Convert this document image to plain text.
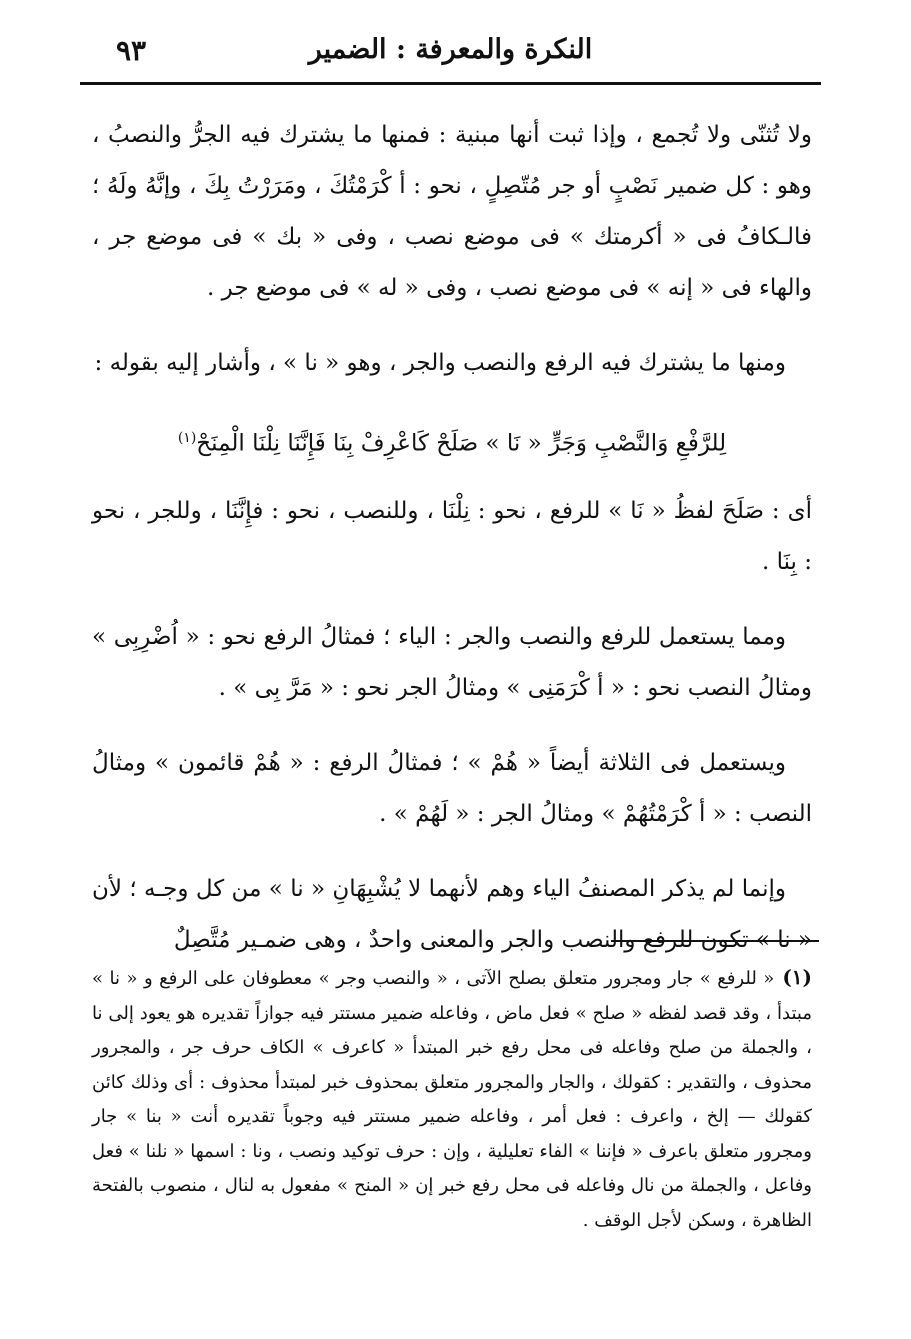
النكرة والمعرفة : الضمير
٩٣

ولا تُثنّى ولا تُجمع ، وإذا ثبت أنها مبنية : فمنها ما يشترك فيه الجرُّ والنصبُ ، وهو : كل ضمير نَصْبٍ أو جر مُتّصِلٍ ، نحو : أ كْرَمْتُكَ ، ومَرَرْتُ بِكَ ، وإنَّهُ ولَهُ ؛ فالـكافُ فى « أكرمتك » فى موضع نصب ، وفى « بك » فى موضع جر ، والهاء فى « إنه » فى موضع نصب ، وفى « له » فى موضع جر .

ومنها ما يشترك فيه الرفع والنصب والجر ، وهو « نا » ، وأشار إليه بقوله :

لِلرَّفْعِ وَالنَّصْبِ وَجَرٍّ « نَا » صَلَحْ كَاعْرِفْ بِنَا فَإِنَّنَا نِلْنَا الْمِنَحْ$^{(١)}$

أى : صَلَحَ لفظُ « نَا » للرفع ، نحو : نِلْنَا ، وللنصب ، نحو : فإِنَّنَا ، وللجر ، نحو : بِنَا .

ومما يستعمل للرفع والنصب والجر : الياء ؛ فمثالُ الرفع نحو : « اُضْرِبِى » ومثالُ النصب نحو : « أ كْرَمَنِى » ومثالُ الجر نحو : « مَرَّ بِى » .

ويستعمل فى الثلاثة أيضاً « هُمْ » ؛ فمثالُ الرفع : « هُمْ قائمون » ومثالُ النصب : « أ كْرَمْتُهُمْ » ومثالُ الجر : « لَهُمْ » .

وإنما لم يذكر المصنفُ الياء وهم لأنهما لا يُشْبِهَانِ « نا » من كل وجـه ؛ لأن « نا » تكون للرفع والنصب والجر والمعنى واحدٌ ، وهى ضمـير مُتَّصِلٌ

(١)« للرفع » جار ومجرور متعلق بصلح الآتى ، « والنصب وجر » معطوفان على الرفع و « نا » مبتدأ ، وقد قصد لفظه « صلح » فعل ماض ، وفاعله ضمير مستتر فيه جوازاً تقديره هو يعود إلى نا ، والجملة من صلح وفاعله فى محل رفع خبر المبتدأ « كاعرف » الكاف حرف جر ، والمجرور محذوف ، والتقدير : كقولك ، والجار والمجرور متعلق بمحذوف خبر لمبتدأ محذوف : أى وذلك كائن كقولك — إلخ ، واعرف : فعل أمر ، وفاعله ضمير مستتر فيه وجوباً تقديره أنت « بنا » جار ومجرور متعلق باعرف « فإننا » الفاء تعليلية ، وإن : حرف توكيد ونصب ، ونا : اسمها « نلنا » فعل وفاعل ، والجملة من نال وفاعله فى محل رفع خبر إن « المنح » مفعول به لنال ، منصوب بالفتحة الظاهرة ، وسكن لأجل الوقف .
